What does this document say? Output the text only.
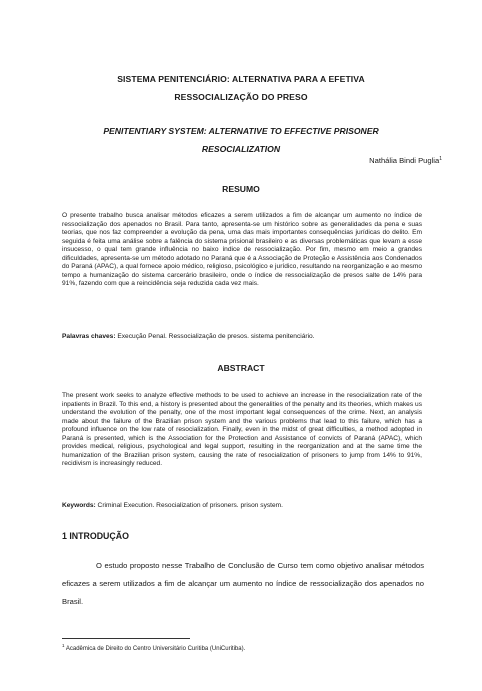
SISTEMA PENITENCIÁRIO: ALTERNATIVA PARA A EFETIVA
RESSOCIALIZAÇÃO DO PRESO
PENITENTIARY SYSTEM: ALTERNATIVE TO EFFECTIVE PRISONER
RESOCIALIZATION
Nathália Bindi Puglia$^1$
RESUMO
O presente trabalho busca analisar métodos eficazes a serem utilizados a fim de alcançar um aumento no índice de ressocialização dos apenados no Brasil. Para tanto, apresenta-se um histórico sobre as generalidades da pena e suas teorias, que nos faz compreender a evolução da pena, uma das mais importantes consequências jurídicas do delito. Em seguida é feita uma análise sobre a falência do sistema prisional brasileiro e as diversas problemáticas que levam a esse insucesso, o qual tem grande influência no baixo índice de ressocialização. Por fim, mesmo em meio a grandes dificuldades, apresenta-se um método adotado no Paraná que é a Associação de Proteção e Assistência aos Condenados do Paraná (APAC), a qual fornece apoio médico, religioso, psicológico e jurídico, resultando na reorganização e ao mesmo tempo a humanização do sistema carcerário brasileiro, onde o índice de ressocialização de presos salte de 14% para 91%, fazendo com que a reincidência seja reduzida cada vez mais.
Palavras chaves: Execução Penal. Ressocialização de presos. sistema penitenciário.
ABSTRACT
The present work seeks to analyze effective methods to be used to achieve an increase in the resocialization rate of the inpatients in Brazil. To this end, a history is presented about the generalities of the penalty and its theories, which makes us understand the evolution of the penalty, one of the most important legal consequences of the crime. Next, an analysis made about the failure of the Brazilian prison system and the various problems that lead to this failure, which has a profound influence on the low rate of resocialization. Finally, even in the midst of great difficulties, a method adopted in Paraná is presented, which is the Association for the Protection and Assistance of convicts of Paraná (APAC), which provides medical, religious, psychological and legal support, resulting in the reorganization and at the same time the humanization of the Brazilian prison system, causing the rate of resocialization of prisoners to jump from 14% to 91%, recidivism is increasingly reduced.
Keywords: Criminal Execution. Resocialization of prisoners. prison system.
1 INTRODUÇÃO
O estudo proposto nesse Trabalho de Conclusão de Curso tem como objetivo analisar métodos eficazes a serem utilizados a fim de alcançar um aumento no índice de ressocialização dos apenados no Brasil.
$^1$ Acadêmica de Direito do Centro Universitário Curitiba (UniCuritiba).
